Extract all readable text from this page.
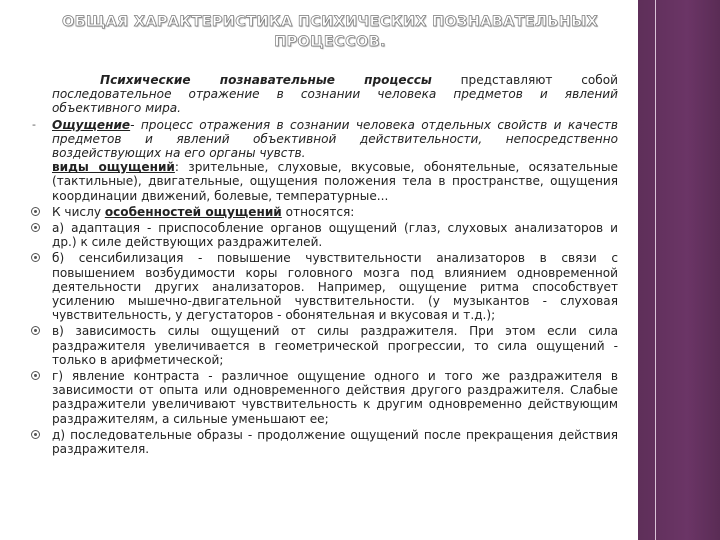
ОБЩАЯ ХАРАКТЕРИСТИКА ПСИХИЧЕСКИХ ПОЗНАВАТЕЛЬНЫХ
ПРОЦЕССОВ.

Психические познавательные процессы представляют собой последовательное отражение в сознании человека предметов и явлений объективного мира.

- Ощущение- процесс отражения в сознании человека отдельных свойств и качеств предметов и явлений объективной действительности, непосредственно воздействующих на его органы чувств.
виды ощущений: зрительные, слуховые, вкусовые, обонятельные, осязательные (тактильные), двигательные, ощущения положения тела в пространстве, ощущения координации движений, болевые, температурные...
К числу особенностей ощущений относятся:
а) адаптация - приспособление органов ощущений (глаз, слуховых анализаторов и др.) к силе действующих раздражителей.
б) сенсибилизация - повышение чувствительности анализаторов в связи с повышением возбудимости коры головного мозга под влиянием одновременной деятельности других анализаторов. Например, ощущение ритма способствует усилению мышечно-двигательной чувствительности. (у музыкантов - слуховая чувствительность, у дегустаторов - обонятельная и вкусовая и т.д.);
в) зависимость силы ощущений от силы раздражителя. При этом если сила раздражителя увеличивается в геометрической прогрессии, то сила ощущений - только в арифметической;
г) явление контраста - различное ощущение одного и того же раздражителя в зависимости от опыта или одновременного действия другого раздражителя. Слабые раздражители увеличивают чувствительность к другим одновременно действующим раздражителям, а сильные уменьшают ее;
д) последовательные образы - продолжение ощущений после прекращения действия раздражителя.
